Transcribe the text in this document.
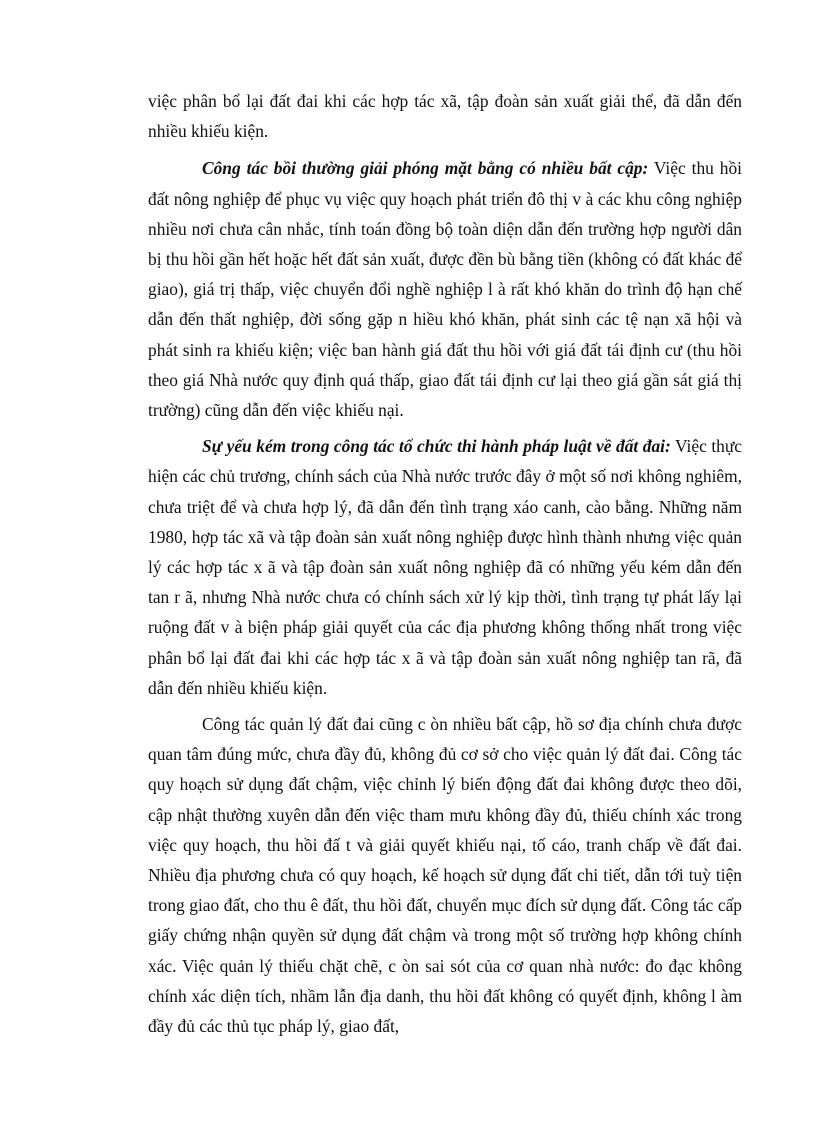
việc phân bổ lại đất đai khi các hợp tác xã, tập đoàn sản xuất giải thể, đã dẫn đến nhiều khiếu kiện.

Công tác bồi thường giải phóng mặt bằng có nhiều bất cập: Việc thu hồi đất nông nghiệp để phục vụ việc quy hoạch phát triển đô thị v à các khu công nghiệp nhiều nơi chưa cân nhắc, tính toán đồng bộ toàn diện dẫn đến trường hợp người dân bị thu hồi gần hết hoặc hết đất sản xuất, được đền bù bằng tiền (không có đất khác để giao), giá trị thấp, việc chuyển đổi nghề nghiệp l à rất khó khăn do trình độ hạn chế dẫn đến thất nghiệp, đời sống gặp n hiều khó khăn, phát sinh các tệ nạn xã hội và phát sinh ra khiếu kiện; việc ban hành giá đất thu hồi với giá đất tái định cư (thu hồi theo giá Nhà nước quy định quá thấp, giao đất tái định cư lại theo giá gần sát giá thị trường) cũng dẫn đến việc khiếu nại.

Sự yếu kém trong công tác tổ chức thi hành pháp luật về đất đai: Việc thực hiện các chủ trương, chính sách của Nhà nước trước đây ở một số nơi không nghiêm, chưa triệt để và chưa hợp lý, đã dẫn đến tình trạng xáo canh, cào bằng. Những năm 1980, hợp tác xã và tập đoàn sản xuất nông nghiệp được hình thành nhưng việc quản lý các hợp tác x ã và tập đoàn sản xuất nông nghiệp đã có những yếu kém dẫn đến tan r ã, nhưng Nhà nước chưa có chính sách xử lý kịp thời, tình trạng tự phát lấy lại ruộng đất v à biện pháp giải quyết của các địa phương không thống nhất trong việc phân bổ lại đất đai khi các hợp tác x ã và tập đoàn sản xuất nông nghiệp tan rã, đã dẫn đến nhiều khiếu kiện.

Công tác quản lý đất đai cũng c òn nhiều bất cập, hồ sơ địa chính chưa được quan tâm đúng mức, chưa đầy đủ, không đủ cơ sở cho việc quản lý đất đai. Công tác quy hoạch sử dụng đất chậm, việc chỉnh lý biến động đất đai không được theo dõi, cập nhật thường xuyên dẫn đến việc tham mưu không đầy đủ, thiếu chính xác trong việc quy hoạch, thu hồi đấ t và giải quyết khiếu nại, tố cáo, tranh chấp về đất đai. Nhiều địa phương chưa có quy hoạch, kế hoạch sử dụng đất chi tiết, dẫn tới tuỳ tiện trong giao đất, cho thu ê đất, thu hồi đất, chuyển mục đích sử dụng đất. Công tác cấp giấy chứng nhận quyền sử dụng đất chậm và trong một số trường hợp không chính xác. Việc quản lý thiếu chặt chẽ, c òn sai sót của cơ quan nhà nước: đo đạc không chính xác diện tích, nhầm lẫn địa danh, thu hồi đất không có quyết định, không l àm đầy đủ các thủ tục pháp lý, giao đất,
